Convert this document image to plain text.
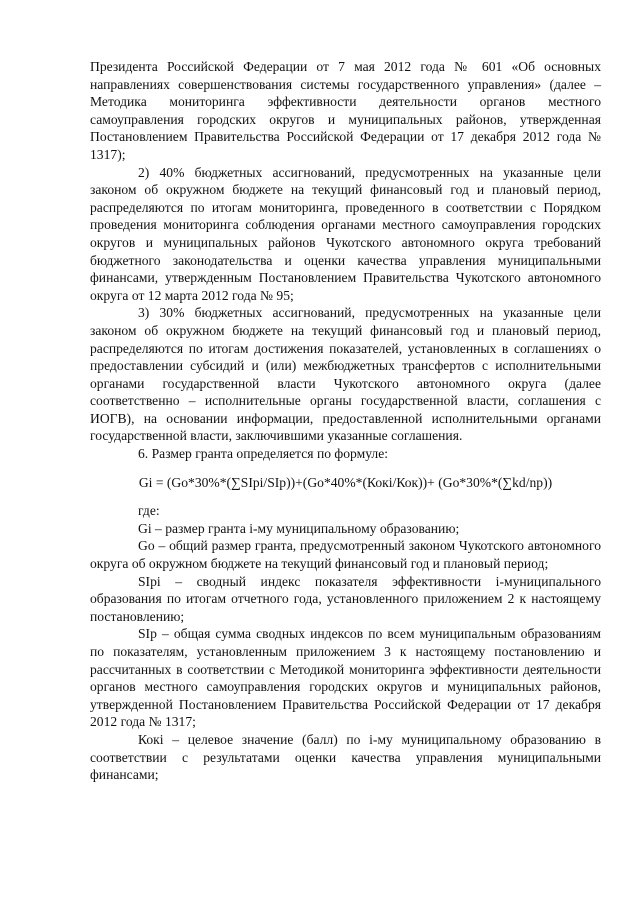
Президента Российской Федерации от 7 мая 2012 года № 601 «Об основных направлениях совершенствования системы государственного управления» (далее – Методика мониторинга эффективности деятельности органов местного самоуправления городских округов и муниципальных районов, утвержденная Постановлением Правительства Российской Федерации от 17 декабря 2012 года № 1317);

2) 40% бюджетных ассигнований, предусмотренных на указанные цели законом об окружном бюджете на текущий финансовый год и плановый период, распределяются по итогам мониторинга, проведенного в соответствии с Порядком проведения мониторинга соблюдения органами местного самоуправления городских округов и муниципальных районов Чукотского автономного округа требований бюджетного законодательства и оценки качества управления муниципальными финансами, утвержденным Постановлением Правительства Чукотского автономного округа от 12 марта 2012 года № 95;

3) 30% бюджетных ассигнований, предусмотренных на указанные цели законом об окружном бюджете на текущий финансовый год и плановый период, распределяются по итогам достижения показателей, установленных в соглашениях о предоставлении субсидий и (или) межбюджетных трансфертов с исполнительными органами государственной власти Чукотского автономного округа (далее соответственно – исполнительные органы государственной власти, соглашения с ИОГВ), на основании информации, предоставленной исполнительными органами государственной власти, заключившими указанные соглашения.

6. Размер гранта определяется по формуле:

Gi = (Go*30%*(∑SIpi/SIp))+(Go*40%*(Кокi/Кок))+ (Go*30%*(∑kd/np))

где:

Gi – размер гранта i-му муниципальному образованию;

Go – общий размер гранта, предусмотренный законом Чукотского автономного округа об окружном бюджете на текущий финансовый год и плановый период;

SIpi – сводный индекс показателя эффективности i-муниципального образования по итогам отчетного года, установленного приложением 2 к настоящему постановлению;

SIp – общая сумма сводных индексов по всем муниципальным образованиям по показателям, установленным приложением 3 к настоящему постановлению и рассчитанных в соответствии с Методикой мониторинга эффективности деятельности органов местного самоуправления городских округов и муниципальных районов, утвержденной Постановлением Правительства Российской Федерации от 17 декабря 2012 года № 1317;

Кокi – целевое значение (балл) по i-му муниципальному образованию в соответствии с результатами оценки качества управления муниципальными финансами;
